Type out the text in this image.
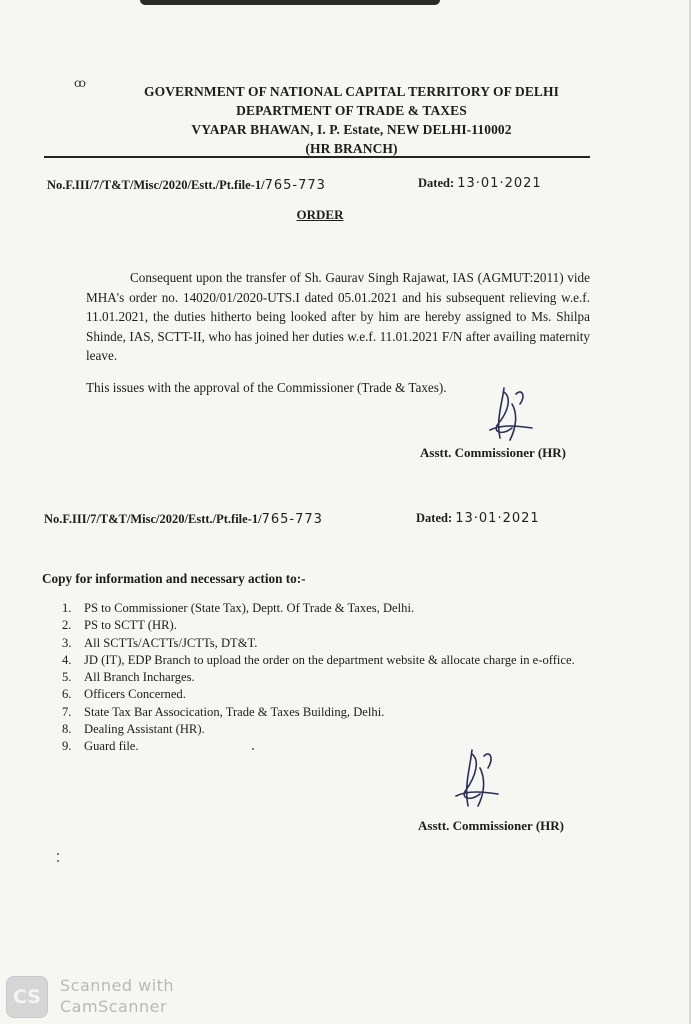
ꝏ
GOVERNMENT OF NATIONAL CAPITAL TERRITORY OF DELHI
DEPARTMENT OF TRADE & TAXES
VYAPAR BHAWAN, I. P. Estate, NEW DELHI-110002
(HR BRANCH)
No.F.III/7/T&T/Misc/2020/Estt./Pt.file-1/765-773	Dated: 13·01·2021
ORDER

Consequent upon the transfer of Sh. Gaurav Singh Rajawat, IAS (AGMUT:2011) vide MHA's order no. 14020/01/2020-UTS.I dated 05.01.2021 and his subsequent relieving w.e.f. 11.01.2021, the duties hitherto being looked after by him are hereby assigned to Ms. Shilpa Shinde, IAS, SCTT-II, who has joined her duties w.e.f. 11.01.2021 F/N after availing maternity leave.

This issues with the approval of the Commissioner (Trade & Taxes).
Asstt. Commissioner (HR)
No.F.III/7/T&T/Misc/2020/Estt./Pt.file-1/765-773	Dated: 13·01·2021
Copy for information and necessary action to:-
1. PS to Commissioner (State Tax), Deptt. Of Trade & Taxes, Delhi.
2. PS to SCTT (HR).
3. All SCTTs/ACTTs/JCTTs, DT&T.
4. JD (IT), EDP Branch to upload the order on the department website & allocate charge in e-office.
5. All Branch Incharges.
6. Officers Concerned.
7. State Tax Bar Assocication, Trade & Taxes Building, Delhi.
8. Dealing Assistant (HR).
9. Guard file.
Asstt. Commissioner (HR)
CS
Scanned with
CamScanner
